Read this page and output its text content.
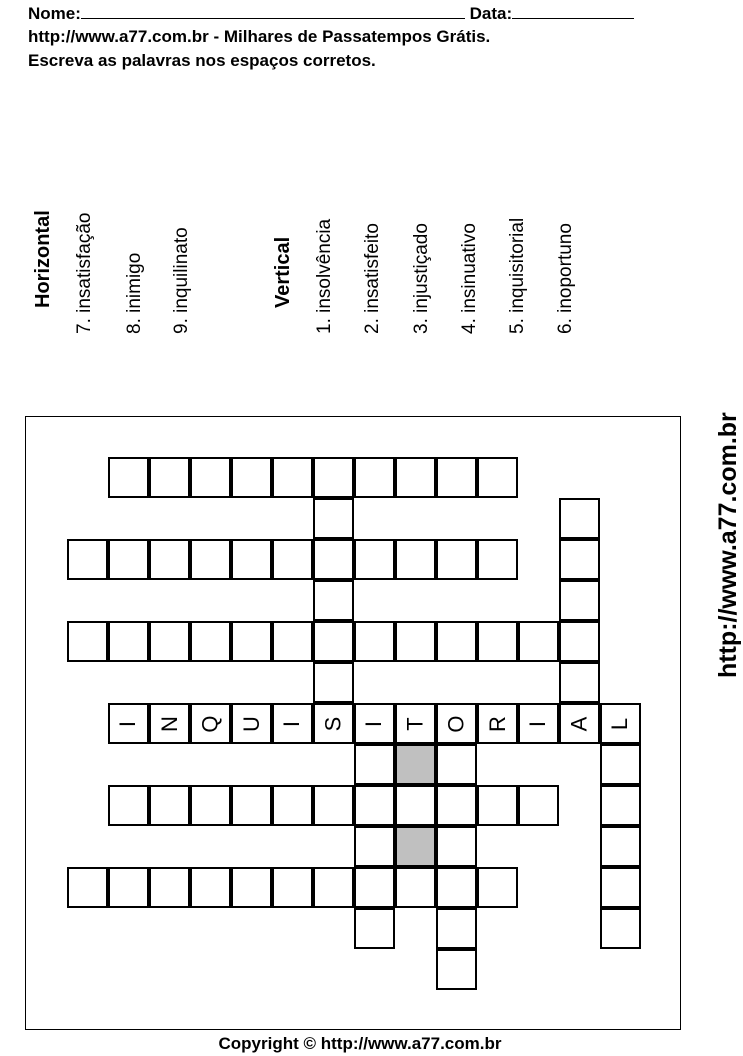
Nome:	Data:
http://www.a77.com.br - Milhares de Passatempos Grátis.
Escreva as palavras nos espaços corretos.
Horizontal 7. insatisfação 8. inimigo 9. inquilinato	Vertical 1. insolvência 2. insatisfeito 3. injustiçado 4. insinuativo 5. inquisitorial 6. inoportuno
I N Q U I S I T O R I A L
http://www.a77.com.br
Copyright © http://www.a77.com.br
